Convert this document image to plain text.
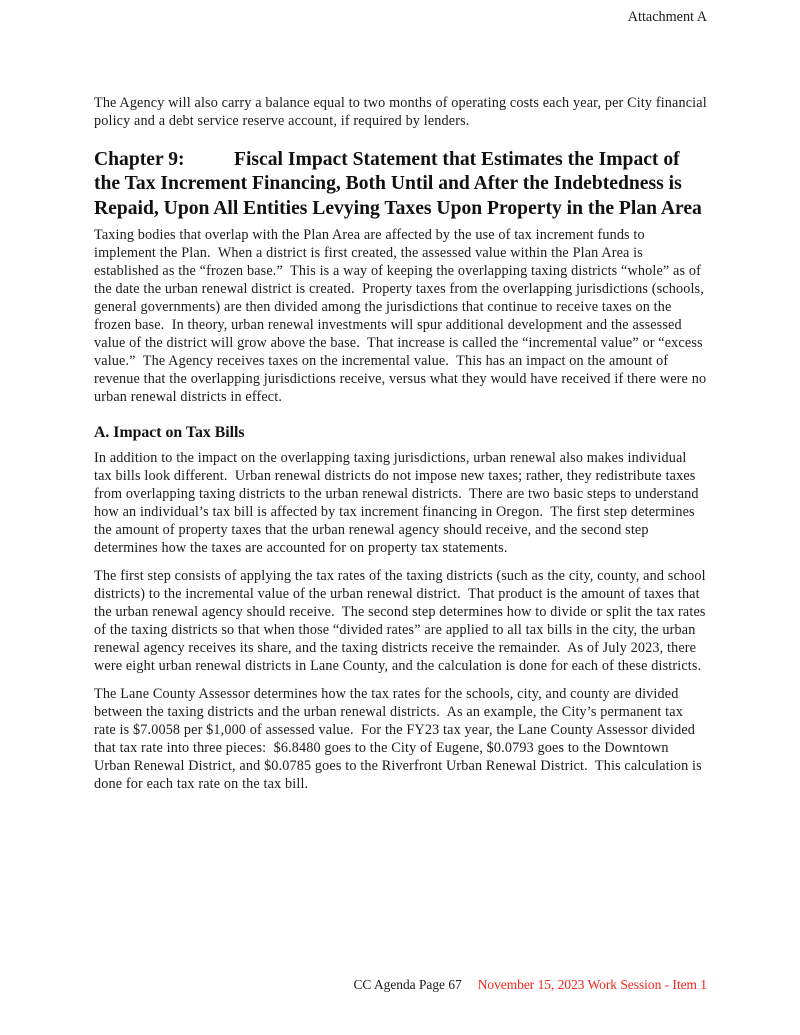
Attachment A

The Agency will also carry a balance equal to two months of operating costs each year, per City financial policy and a debt service reserve account, if required by lenders.

Chapter 9:	Fiscal Impact Statement that Estimates the Impact of the Tax Increment Financing, Both Until and After the Indebtedness is Repaid, Upon All Entities Levying Taxes Upon Property in the Plan Area

Taxing bodies that overlap with the Plan Area are affected by the use of tax increment funds to implement the Plan.  When a district is first created, the assessed value within the Plan Area is established as the “frozen base.”  This is a way of keeping the overlapping taxing districts “whole” as of the date the urban renewal district is created.  Property taxes from the overlapping jurisdictions (schools, general governments) are then divided among the jurisdictions that continue to receive taxes on the frozen base.  In theory, urban renewal investments will spur additional development and the assessed value of the district will grow above the base.  That increase is called the “incremental value” or “excess value.”  The Agency receives taxes on the incremental value.  This has an impact on the amount of revenue that the overlapping jurisdictions receive, versus what they would have received if there were no urban renewal districts in effect.

A. Impact on Tax Bills

In addition to the impact on the overlapping taxing jurisdictions, urban renewal also makes individual tax bills look different.  Urban renewal districts do not impose new taxes; rather, they redistribute taxes from overlapping taxing districts to the urban renewal districts.  There are two basic steps to understand how an individual’s tax bill is affected by tax increment financing in Oregon.  The first step determines the amount of property taxes that the urban renewal agency should receive, and the second step determines how the taxes are accounted for on property tax statements.

The first step consists of applying the tax rates of the taxing districts (such as the city, county, and school districts) to the incremental value of the urban renewal district.  That product is the amount of taxes that the urban renewal agency should receive.  The second step determines how to divide or split the tax rates of the taxing districts so that when those “divided rates” are applied to all tax bills in the city, the urban renewal agency receives its share, and the taxing districts receive the remainder.  As of July 2023, there were eight urban renewal districts in Lane County, and the calculation is done for each of these districts.

The Lane County Assessor determines how the tax rates for the schools, city, and county are divided between the taxing districts and the urban renewal districts.  As an example, the City’s permanent tax rate is $7.0058 per $1,000 of assessed value.  For the FY23 tax year, the Lane County Assessor divided that tax rate into three pieces:  $6.8480 goes to the City of Eugene, $0.0793 goes to the Downtown Urban Renewal District, and $0.0785 goes to the Riverfront Urban Renewal District.  This calculation is done for each tax rate on the tax bill.

CC Agenda Page 67 November 15, 2023 Work Session - Item 1
